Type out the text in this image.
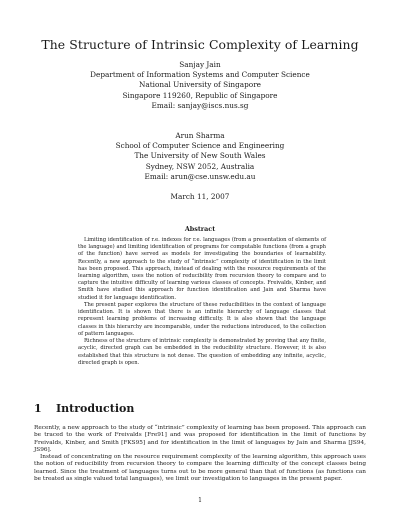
The Structure of Intrinsic Complexity of Learning
Sanjay Jain
Department of Information Systems and Computer Science
National University of Singapore
Singapore 119260, Republic of Singapore
Email: sanjay@iscs.nus.sg
Arun Sharma
School of Computer Science and Engineering
The University of New South Wales
Sydney, NSW 2052, Australia
Email: arun@cse.unsw.edu.au
March 11, 2007
Abstract

Limiting identification of r.e. indexes for r.e. languages (from a presentation of elements of the language) and limiting identification of programs for computable functions (from a graph of the function) have served as models for investigating the boundaries of learnability. Recently, a new approach to the study of “intrinsic” complexity of identification in the limit has been proposed. This approach, instead of dealing with the resource requirements of the learning algorithm, uses the notion of reducibility from recursion theory to compare and to capture the intuitive difficulty of learning various classes of concepts. Freivalds, Kinber, and Smith have studied this approach for function identification and Jain and Sharma have studied it for language identification.

The present paper explores the structure of these reducibilities in the context of language identification. It is shown that there is an infinite hierarchy of language classes that represent learning problems of increasing difficulty. It is also shown that the language classes in this hierarchy are incomparable, under the reductions introduced, to the collection of pattern languages.

Richness of the structure of intrinsic complexity is demonstrated by proving that any finite, acyclic, directed graph can be embedded in the reducibility structure. However, it is also established that this structure is not dense. The question of embedding any infinite, acyclic, directed graph is open.

1 Introduction

Recently, a new approach to the study of “intrinsic” complexity of learning has been proposed. This approach can be traced to the work of Freivalds [Fre91] and was proposed for identification in the limit of functions by Freivalds, Kinber, and Smith [FKS95] and for identification in the limit of languages by Jain and Sharma [JS94, JS96].

Instead of concentrating on the resource requirement complexity of the learning algorithm, this approach uses the notion of reducibility from recursion theory to compare the learning difficulty of the concept classes being learned. Since the treatment of languages turns out to be more general than that of functions (as functions can be treated as single valued total languages), we limit our investigation to languages in the present paper.

1
